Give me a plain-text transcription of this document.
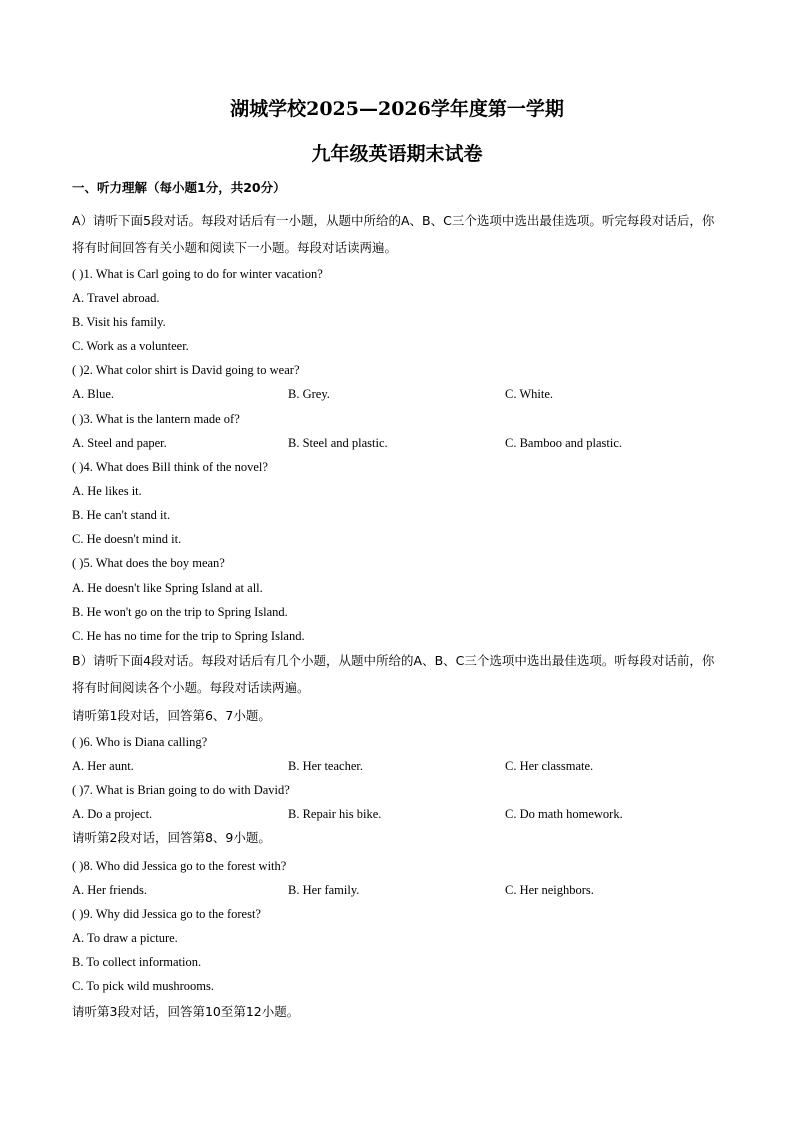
湖城学校2025—2026学年度第一学期
九年级英语期末试卷
一、听力理解（每小题1分，共20分）
A）请听下面5段对话。每段对话后有一小题，从题中所给的A、B、C三个选项中选出最佳选项。听完每段对话后，你将有时间回答有关小题和阅读下一小题。每段对话读两遍。
( )1. What is Carl going to do for winter vacation?
A. Travel abroad.
B. Visit his family.
C. Work as a volunteer.
( )2. What color shirt is David going to wear?
A. Blue.	B. Grey.	C. White.
( )3. What is the lantern made of?
A. Steel and paper.	B. Steel and plastic.	C. Bamboo and plastic.
( )4. What does Bill think of the novel?
A. He likes it.
B. He can't stand it.
C. He doesn't mind it.
( )5. What does the boy mean?
A. He doesn't like Spring Island at all.
B. He won't go on the trip to Spring Island.
C. He has no time for the trip to Spring Island.
B）请听下面4段对话。每段对话后有几个小题，从题中所给的A、B、C三个选项中选出最佳选项。听每段对话前，你将有时间阅读各个小题。每段对话读两遍。
请听第1段对话，回答第6、7小题。
( )6. Who is Diana calling?
A. Her aunt.	B. Her teacher.	C. Her classmate.
( )7. What is Brian going to do with David?
A. Do a project.	B. Repair his bike.	C. Do math homework.
请听第2段对话，回答第8、9小题。
( )8. Who did Jessica go to the forest with?
A. Her friends.	B. Her family.	C. Her neighbors.
( )9. Why did Jessica go to the forest?
A. To draw a picture.
B. To collect information.
C. To pick wild mushrooms.
请听第3段对话，回答第10至第12小题。
